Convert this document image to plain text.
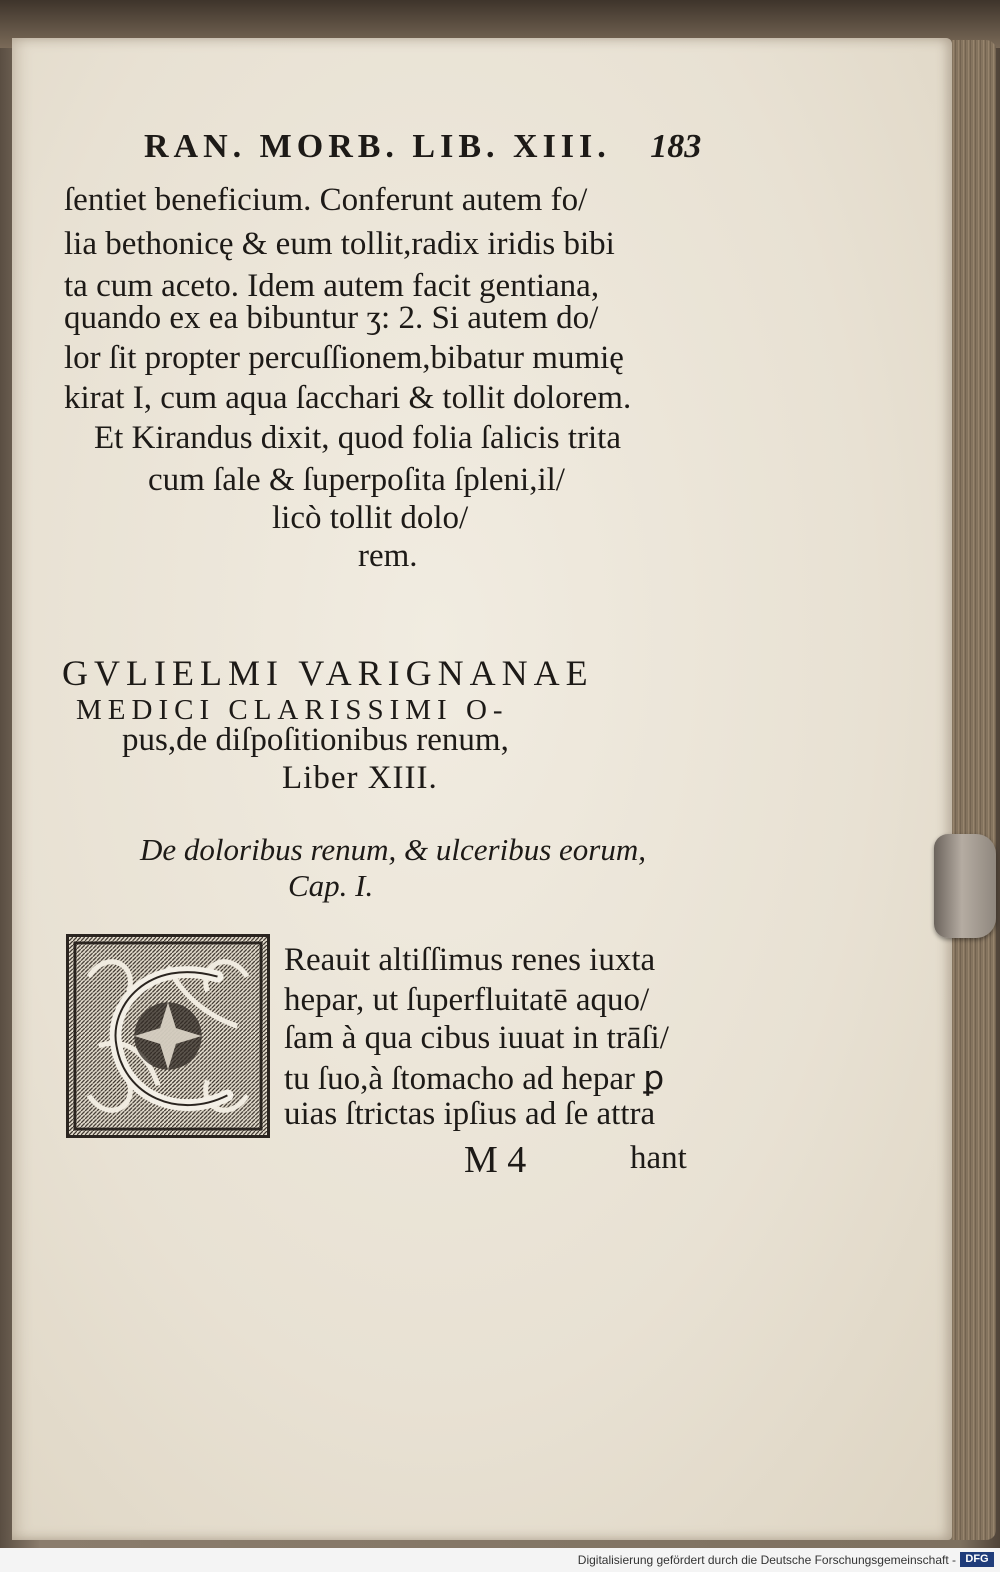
RAN. MORB. LIB. XIII. 183
ſentiet beneficium. Conferunt autem fo/
lia bethonicę & eum tollit,radix iridis bibi
ta cum aceto. Idem autem facit gentiana,
quando ex ea bibuntur ʒ: 2. Si autem do/
lor ſit propter percuſſionem,bibatur mumię
kirat I, cum aqua ſacchari & tollit dolorem.
Et Kirandus dixit, quod folia ſalicis trita
cum ſale & ſuperpoſita ſpleni,il/
licò tollit dolo/
rem.
GVLIELMI VARIGNANAE
MEDICI CLARISSIMI O-
pus,de diſpoſitionibus renum,
Liber XIII.
De doloribus renum, & ulceribus eorum,
Cap. I.
Reauit altiſſimus renes iuxta
hepar, ut ſuperfluitatē aquo/
ſam à qua cibus iuuat in trāſi/
tu ſuo,à ſtomacho ad hepar ꝑ
uias ſtrictas ipſius ad ſe attra
M 4	hant
Digitalisierung gefördert durch die Deutsche Forschungsgemeinschaft - DFG
